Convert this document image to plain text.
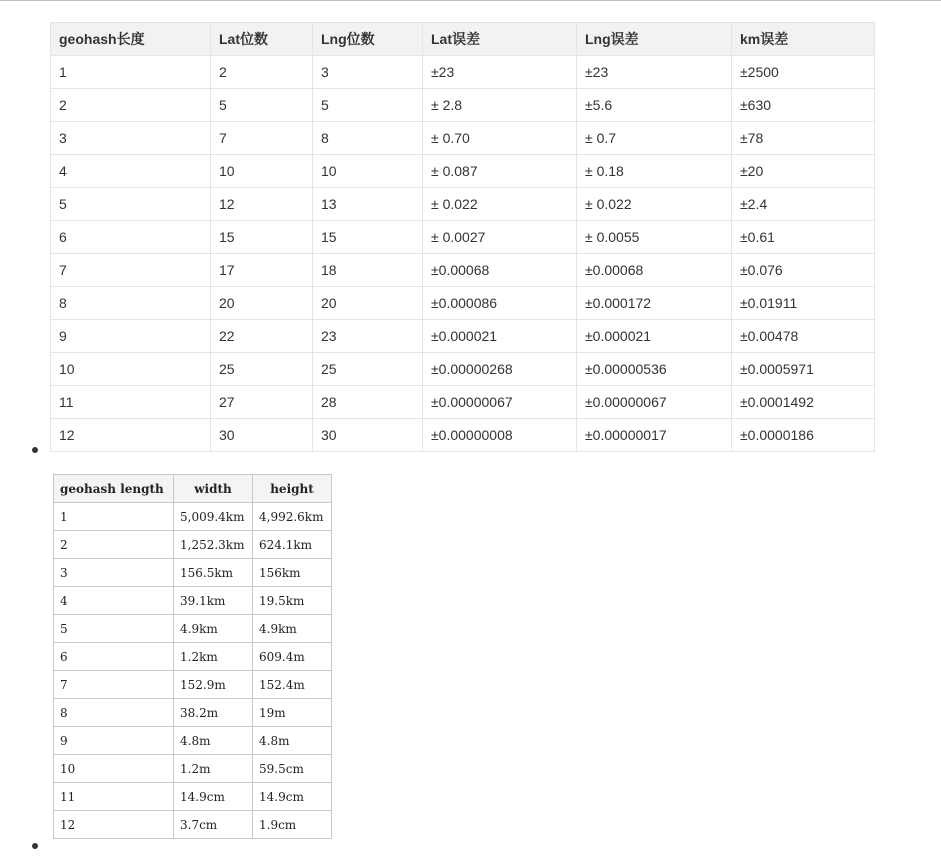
geohash长度	Lat位数	Lng位数	Lat误差	Lng误差	km误差
1	2	3	±23	±23	±2500
2	5	5	± 2.8	±5.6	±630
3	7	8	± 0.70	± 0.7	±78
4	10	10	± 0.087	± 0.18	±20
5	12	13	± 0.022	± 0.022	±2.4
6	15	15	± 0.0027	± 0.0055	±0.61
7	17	18	±0.00068	±0.00068	±0.076
8	20	20	±0.000086	±0.000172	±0.01911
9	22	23	±0.000021	±0.000021	±0.00478
10	25	25	±0.00000268	±0.00000536	±0.0005971
11	27	28	±0.00000067	±0.00000067	±0.0001492
12	30	30	±0.00000008	±0.00000017	±0.0000186
geohash length	width	height
1	5,009.4km	4,992.6km
2	1,252.3km	624.1km
3	156.5km	156km
4	39.1km	19.5km
5	4.9km	4.9km
6	1.2km	609.4m
7	152.9m	152.4m
8	38.2m	19m
9	4.8m	4.8m
10	1.2m	59.5cm
11	14.9cm	14.9cm
12	3.7cm	1.9cm
